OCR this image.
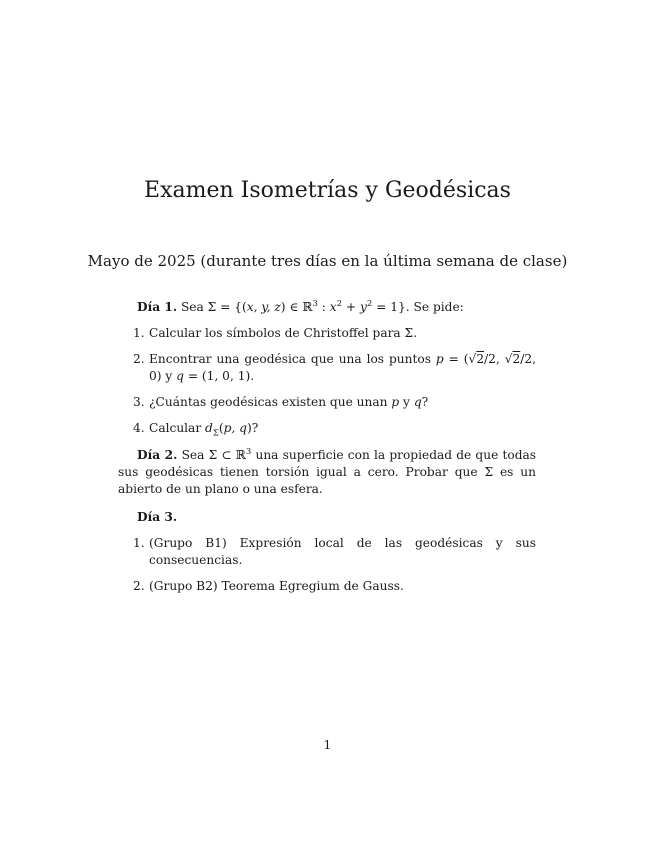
Examen Isometrías y Geodésicas
Mayo de 2025 (durante tres días en la última semana de clase)

Día 1. Sea Σ = {(x, y, z) ∈ ℝ$^3$ : $x^2 + y^2 = 1$}. Se pide:

1. Calcular los símbolos de Christoffel para Σ.
2. Encontrar una geodésica que una los puntos p = (√2/2, √2/2, 0) y q = (1, 0, 1).
3. ¿Cuántas geodésicas existen que unan p y q?
4. Calcular $d_\Sigma(p$, q)?

Día 2. Sea Σ ⊂ ℝ$^3$ una superficie con la propiedad de que todas sus geodésicas tienen torsión igual a cero. Probar que Σ es un abierto de un plano o una esfera.

Día 3.

1. (Grupo B1) Expresión local de las geodésicas y sus consecuencias.
2. (Grupo B2) Teorema Egregium de Gauss.
1
